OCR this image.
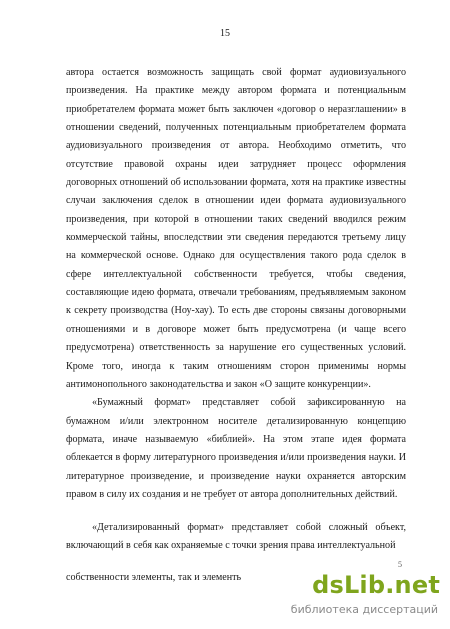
15

автора остается возможность защищать свой формат аудиовизуального произведения. На практике между автором формата и потенциальным приобретателем формата может быть заключен «договор о неразглашении» в отношении сведений, полученных потенциальным приобретателем формата аудиовизуального произведения от автора. Необходимо отметить, что отсутствие правовой охраны идеи затрудняет процесс оформления договорных отношений об использовании формата, хотя на практике известны случаи заключения сделок в отношении идеи формата аудиовизуального произведения, при которой в отношении таких сведений вводился режим коммерческой тайны, впоследствии эти сведения передаются третьему лицу на коммерческой основе. Однако для осуществления такого рода сделок в сфере интеллектуальной собственности требуется, чтобы сведения, составляющие идею формата, отвечали требованиям, предъявляемым законом к секрету производства (Ноу-хау). То есть две стороны связаны договорными отношениями и в договоре может быть предусмотрена (и чаще всего предусмотрена) ответственность за нарушение его существенных условий. Кроме того, иногда к таким отношениям сторон применимы нормы антимонопольного законодательства и закон «О защите конкуренции».

«Бумажный формат» представляет собой зафиксированную на бумажном и/или электронном носителе детализированную концепцию формата, иначе называемую «библией». На этом этапе идея формата облекается в форму литературного произведения и/или произведения науки. И литературное произведение, и произведение науки охраняется авторским правом в силу их создания и не требует от автора дополнительных действий.

«Детализированный формат» представляет собой сложный объект, включающий в себя как охраняемые с точки зрения права интеллектуальной

собственности элементы, так и элементь
5
dsLib.net
библиотека диссертаций
